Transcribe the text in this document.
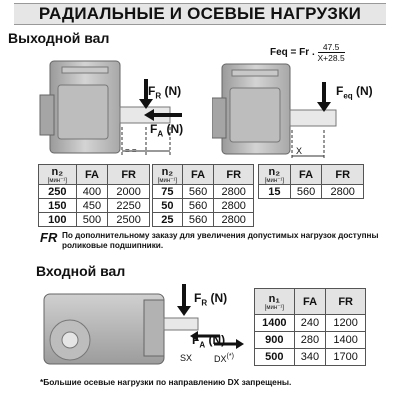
РАДИАЛЬНЫЕ И ОСЕВЫЕ НАГРУЗКИ
Выходной вал
Feq = Fr . $\frac{47.5}{X+28.5}$
$F_R$ (N)
$F_A$ (N)
= =
$F_{eq}$ (N)
X
n₂
[мин⁻¹]	FA	FR
250	400	2000
150	450	2250
100	500	2500
n₂
[мин⁻¹]	FA	FR
75	560	2800
50	560	2800
25	560	2800
n₂
[мин⁻¹]	FA	FR
15	560	2800
FR По дополнительному заказу для увеличения допустимых нагрузок доступны роликовые подшипники.
Входной вал
$F_R$ (N)
$F_A$ (N)
SX DX(*)
n₁
[мин⁻¹]	FA	FR
1400	240	1200
900	280	1400
500	340	1700
*Большие осевые нагрузки по направлению DX запрещены.
